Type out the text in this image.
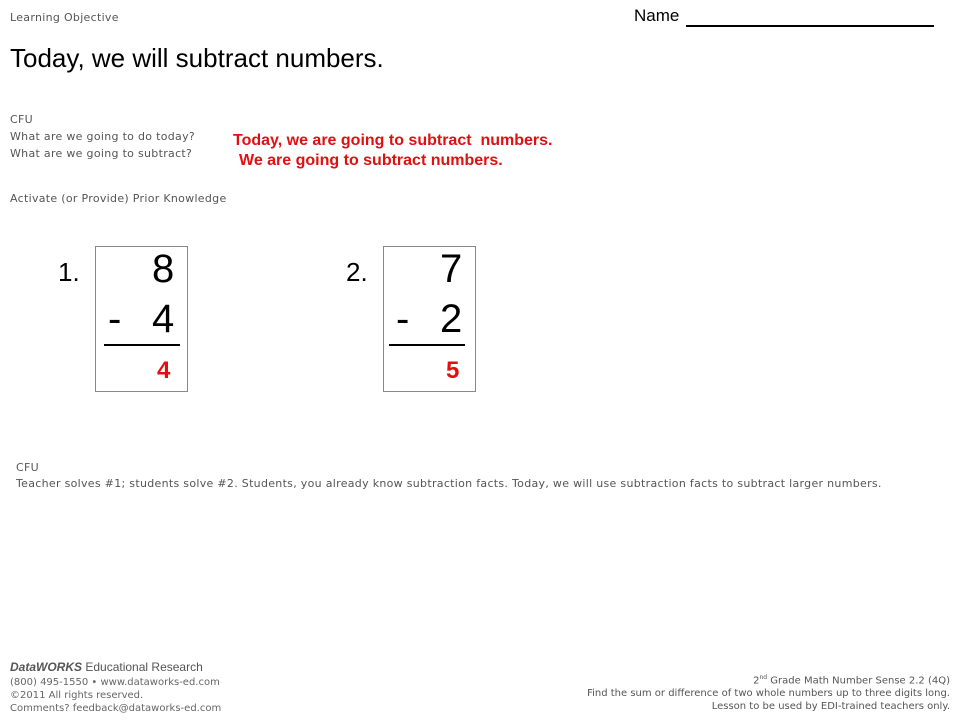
Learning Objective	Name
Today, we will subtract numbers.
CFU
What are we going to do today?
What are we going to subtract?
Today, we are going to subtract  numbers.
We are going to subtract numbers.
Activate (or Provide) Prior Knowledge
1. 8
- 4
4
2. 7
- 2
5
CFU
Teacher solves #1; students solve #2. Students, you already know subtraction facts. Today, we will use subtraction facts to subtract larger numbers.
DataWORKS Educational Research
(800) 495-1550 • www.dataworks-ed.com
©2011 All rights reserved.
Comments? feedback@dataworks-ed.com
2nd Grade Math Number Sense 2.2 (4Q)
Find the sum or difference of two whole numbers up to three digits long.
Lesson to be used by EDI-trained teachers only.
